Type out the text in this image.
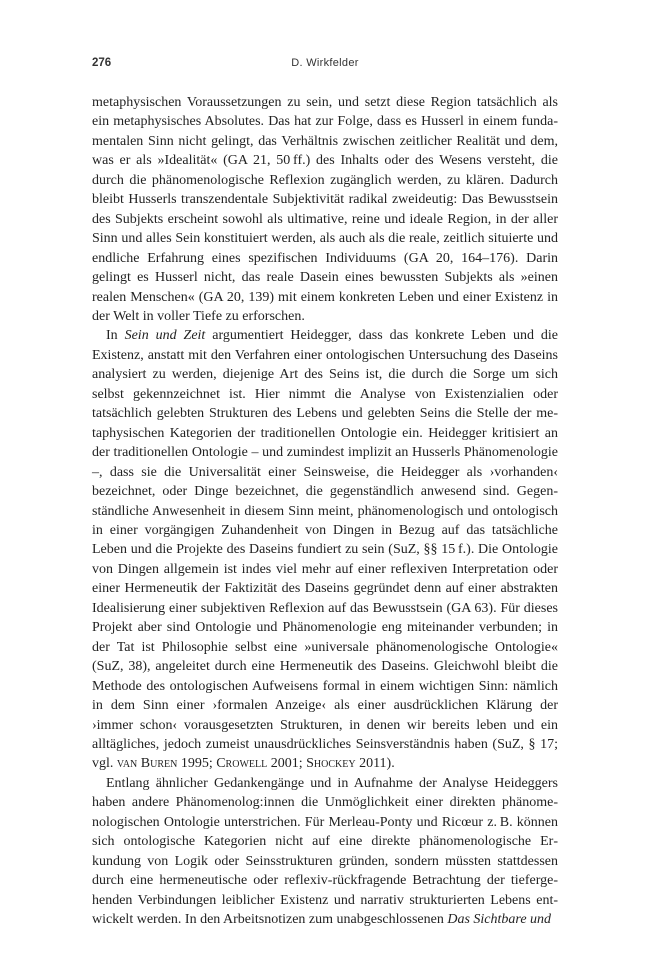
276	D. Wirkfelder

metaphysischen Voraussetzungen zu sein, und setzt diese Region tatsächlich als ein metaphysisches Absolutes. Das hat zur Folge, dass es Husserl in einem fundamentalen Sinn nicht gelingt, das Verhältnis zwischen zeitlicher Realität und dem, was er als »Idealität« (GA 21, 50 ff.) des Inhalts oder des Wesens versteht, die durch die phänomenologische Reflexion zugänglich werden, zu klären. Dadurch bleibt Husserls transzendentale Subjektivität radikal zweideutig: Das Bewusstsein des Subjekts erscheint sowohl als ultimative, reine und ideale Region, in der aller Sinn und alles Sein konstituiert werden, als auch als die reale, zeitlich situierte und endliche Erfahrung eines spezifischen Individuums (GA 20, 164–176). Darin gelingt es Husserl nicht, das reale Dasein eines bewussten Subjekts als »einen realen Menschen« (GA 20, 139) mit einem konkreten Leben und einer Existenz in der Welt in voller Tiefe zu erforschen.

In Sein und Zeit argumentiert Heidegger, dass das konkrete Leben und die Existenz, anstatt mit den Verfahren einer ontologischen Untersuchung des Daseins analysiert zu werden, diejenige Art des Seins ist, die durch die Sorge um sich selbst gekennzeichnet ist. Hier nimmt die Analyse von Existenzialien oder tatsächlich gelebten Strukturen des Lebens und gelebten Seins die Stelle der metaphysischen Kategorien der traditionellen Ontologie ein. Heidegger kritisiert an der traditionellen Ontologie – und zumindest implizit an Husserls Phänomenologie –, dass sie die Universalität einer Seinsweise, die Heidegger als ›vorhanden‹ bezeichnet, oder Dinge bezeichnet, die gegenständlich anwesend sind. Gegenständliche Anwesenheit in diesem Sinn meint, phänomenologisch und ontologisch in einer vorgängigen Zuhandenheit von Dingen in Bezug auf das tatsächliche Leben und die Projekte des Daseins fundiert zu sein (SuZ, §§ 15 f.). Die Ontologie von Dingen allgemein ist indes viel mehr auf einer reflexiven Interpretation oder einer Hermeneutik der Faktizität des Daseins gegründet denn auf einer abstrakten Idealisierung einer subjektiven Reflexion auf das Bewusstsein (GA 63). Für dieses Projekt aber sind Ontologie und Phänomenologie eng miteinander verbunden; in der Tat ist Philosophie selbst eine »universale phänomenologische Ontologie« (SuZ, 38), angeleitet durch eine Hermeneutik des Daseins. Gleichwohl bleibt die Methode des ontologischen Aufweisens formal in einem wichtigen Sinn: nämlich in dem Sinn einer ›formalen Anzeige‹ als einer ausdrücklichen Klärung der ›immer schon‹ vorausgesetzten Strukturen, in denen wir bereits leben und ein alltägliches, jedoch zumeist unausdrückliches Seinsverständnis haben (SuZ, § 17; vgl. van Buren 1995; Crowell 2001; Shockey 2011).

Entlang ähnlicher Gedankengänge und in Aufnahme der Analyse Heideggers haben andere Phänomenolog:innen die Unmöglichkeit einer direkten phänomenologischen Ontologie unterstrichen. Für Merleau-Ponty und Ricœur z. B. können sich ontologische Kategorien nicht auf eine direkte phänomenologische Erkundung von Logik oder Seinsstrukturen gründen, sondern müssten stattdessen durch eine hermeneutische oder reflexiv-rückfragende Betrachtung der tiefergehenden Verbindungen leiblicher Existenz und narrativ strukturierten Lebens entwickelt werden. In den Arbeitsnotizen zum unabgeschlossenen Das Sichtbare und
